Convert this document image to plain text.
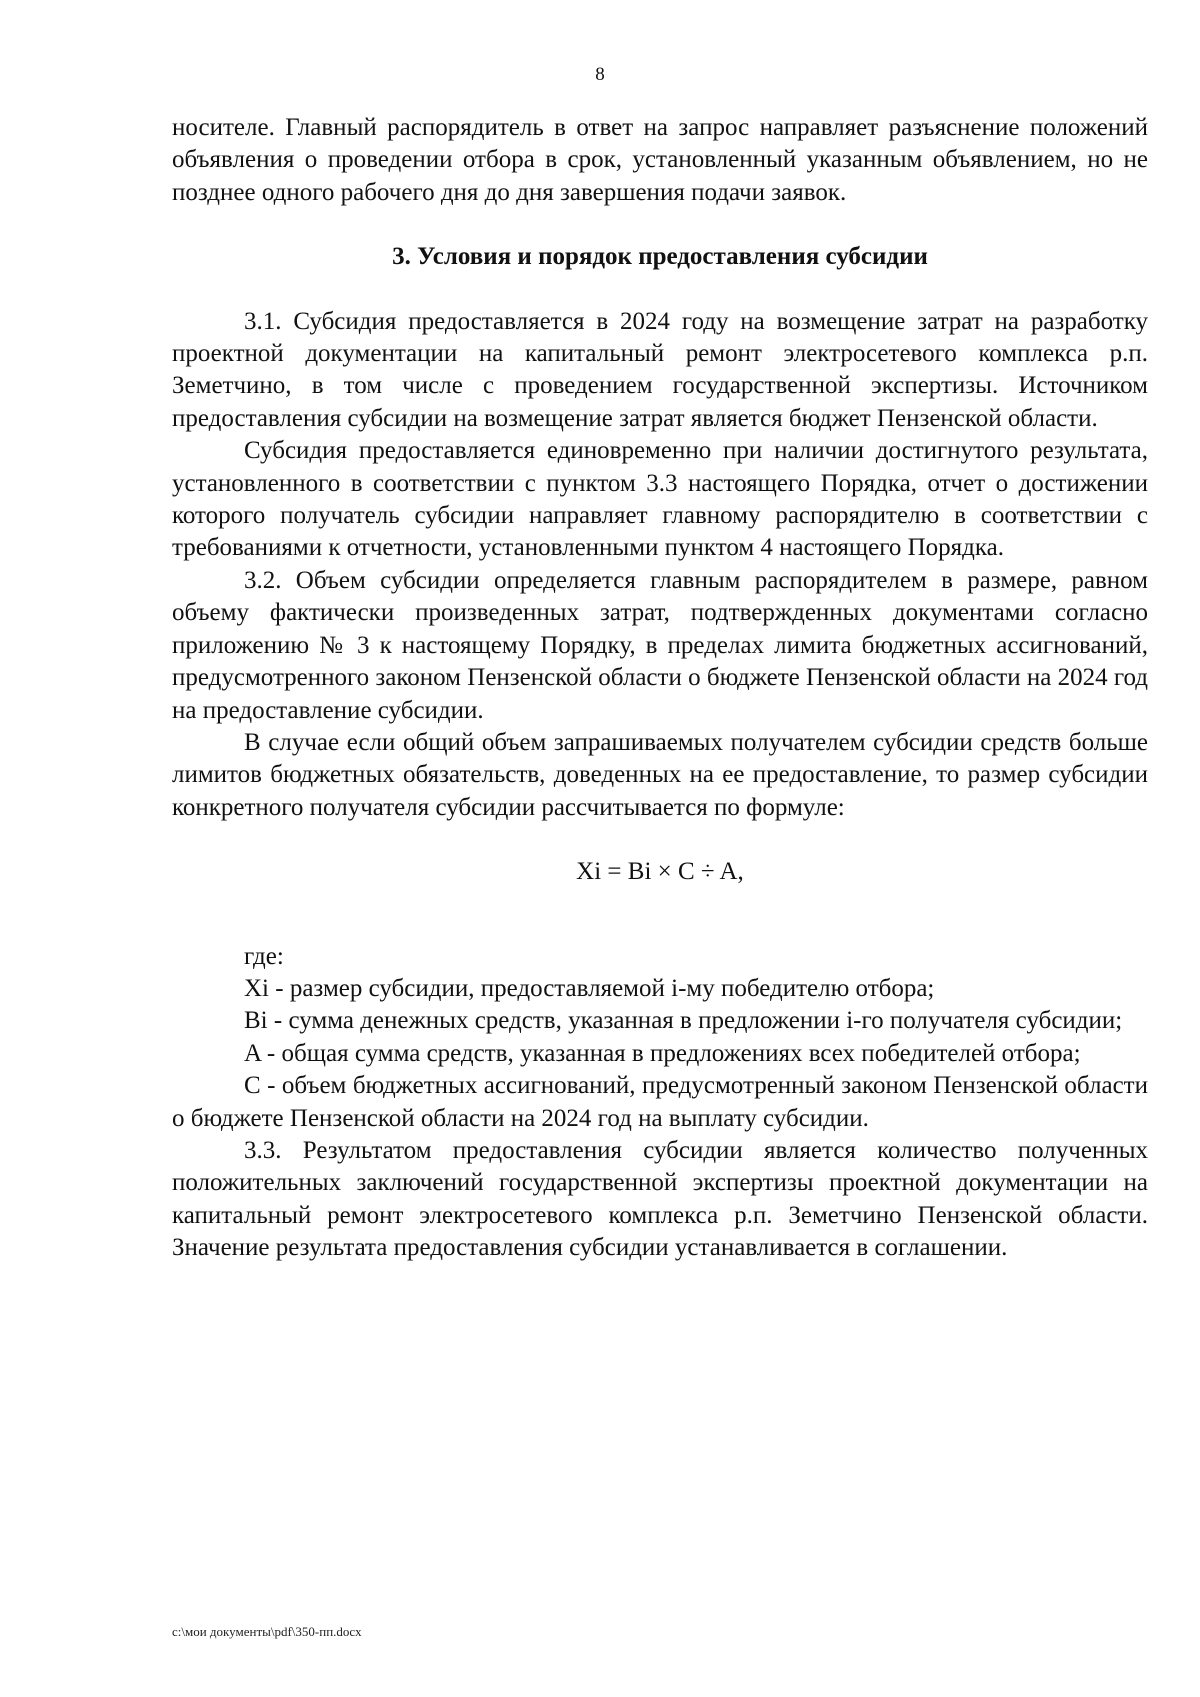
8

носителе. Главный распорядитель в ответ на запрос направляет разъяснение положений объявления о проведении отбора в срок, установленный указанным объявлением, но не позднее одного рабочего дня до дня завершения подачи заявок.

3. Условия и порядок предоставления субсидии

3.1. Субсидия предоставляется в 2024 году на возмещение затрат на разработку проектной документации на капитальный ремонт электросетевого комплекса р.п. Земетчино, в том числе с проведением государственной экспертизы. Источником предоставления субсидии на возмещение затрат является бюджет Пензенской области.

Субсидия предоставляется единовременно при наличии достигнутого результата, установленного в соответствии с пунктом 3.3 настоящего Порядка, отчет о достижении которого получатель субсидии направляет главному распорядителю в соответствии с требованиями к отчетности, установленными пунктом 4 настоящего Порядка.

3.2. Объем субсидии определяется главным распорядителем в размере, равном объему фактически произведенных затрат, подтвержденных документами согласно приложению № 3 к настоящему Порядку, в пределах лимита бюджетных ассигнований, предусмотренного законом Пензенской области о бюджете Пензенской области на 2024 год на предоставление субсидии.

В случае если общий объем запрашиваемых получателем субсидии средств больше лимитов бюджетных обязательств, доведенных на ее предоставление, то размер субсидии конкретного получателя субсидии рассчитывается по формуле:

Xi = Bi × C ÷ A,

где:

Xi - размер субсидии, предоставляемой i-му победителю отбора;

Bi - сумма денежных средств, указанная в предложении i-го получателя субсидии;

A - общая сумма средств, указанная в предложениях всех победителей отбора;

C - объем бюджетных ассигнований, предусмотренный законом Пензенской области о бюджете Пензенской области на 2024 год на выплату субсидии.

3.3. Результатом предоставления субсидии является количество полученных положительных заключений государственной экспертизы проектной документации на капитальный ремонт электросетевого комплекса р.п. Земетчино Пензенской области. Значение результата предоставления субсидии устанавливается в соглашении.

c:\мои документы\pdf\350-пп.docx
